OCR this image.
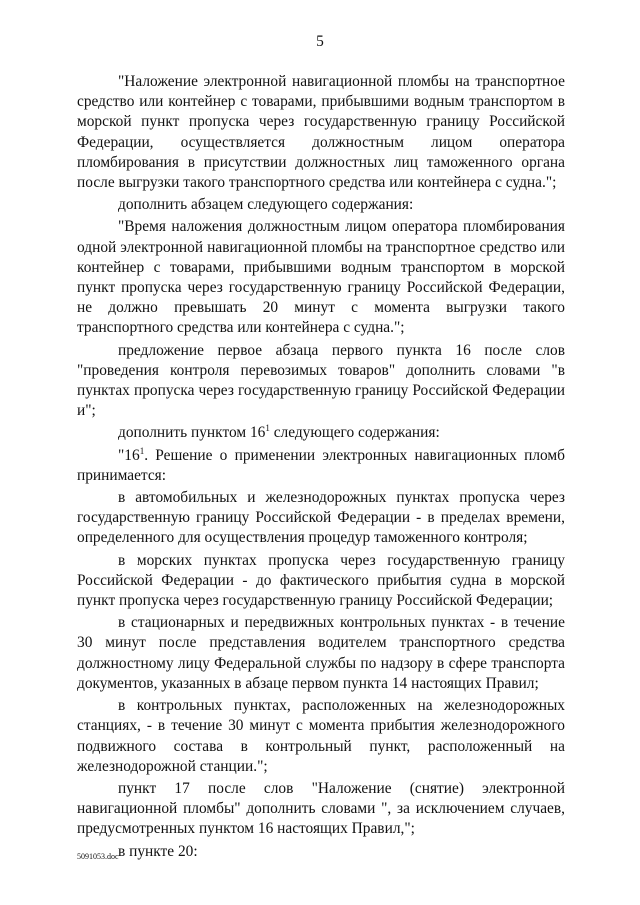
5

"Наложение электронной навигационной пломбы на транспортное средство или контейнер с товарами, прибывшими водным транспортом в морской пункт пропуска через государственную границу Российской Федерации, осуществляется должностным лицом оператора пломбирования в присутствии должностных лиц таможенного органа после выгрузки такого транспортного средства или контейнера с судна.";

дополнить абзацем следующего содержания:

"Время наложения должностным лицом оператора пломбирования одной электронной навигационной пломбы на транспортное средство или контейнер с товарами, прибывшими водным транспортом в морской пункт пропуска через государственную границу Российской Федерации, не должно превышать 20 минут с момента выгрузки такого транспортного средства или контейнера с судна.";

предложение первое абзаца первого пункта 16 после слов "проведения контроля перевозимых товаров" дополнить словами "в пунктах пропуска через государственную границу Российской Федерации и";

дополнить пунктом $16^1$ следующего содержания:

"$16^1$. Решение о применении электронных навигационных пломб принимается:

в автомобильных и железнодорожных пунктах пропуска через государственную границу Российской Федерации - в пределах времени, определенного для осуществления процедур таможенного контроля;

в морских пунктах пропуска через государственную границу Российской Федерации - до фактического прибытия судна в морской пункт пропуска через государственную границу Российской Федерации;

в стационарных и передвижных контрольных пунктах - в течение 30 минут после представления водителем транспортного средства должностному лицу Федеральной службы по надзору в сфере транспорта документов, указанных в абзаце первом пункта 14 настоящих Правил;

в контрольных пунктах, расположенных на железнодорожных станциях, - в течение 30 минут с момента прибытия железнодорожного подвижного состава в контрольный пункт, расположенный на железнодорожной станции.";

пункт 17 после слов "Наложение (снятие) электронной навигационной пломбы" дополнить словами ", за исключением случаев, предусмотренных пунктом 16 настоящих Правил,";

в пункте 20:

5091053.doc
